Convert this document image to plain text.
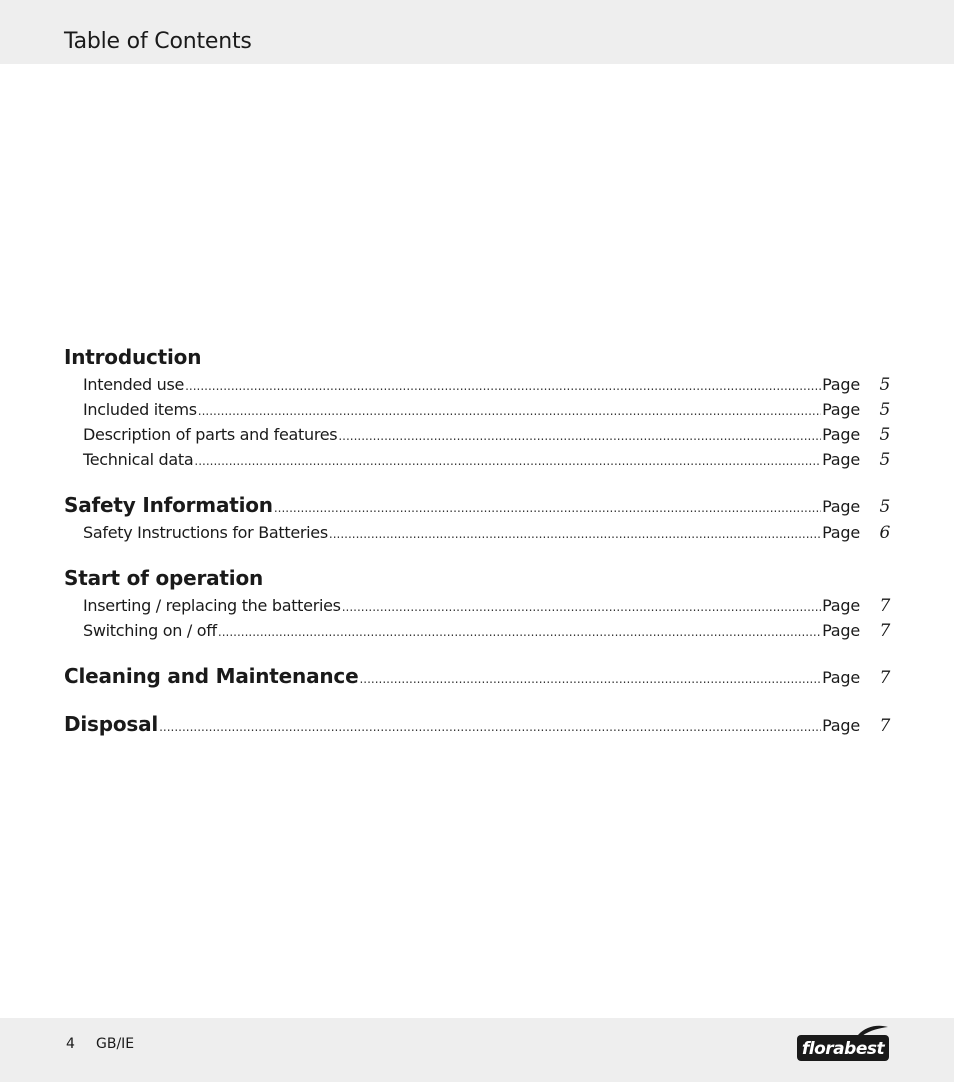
Table of Contents
Introduction
Intended use .....	Page	5
Included items .....	Page	5
Description of parts and features .....	Page	5
Technical data .....	Page	5
Safety Information .....	Page	5
Safety Instructions for Batteries .....	Page	6
Start of operation
Inserting / replacing the batteries .....	Page	7
Switching on / off .....	Page	7
Cleaning and Maintenance .....	Page	7
Disposal .....	Page	7
4 GB/IE	florabest
